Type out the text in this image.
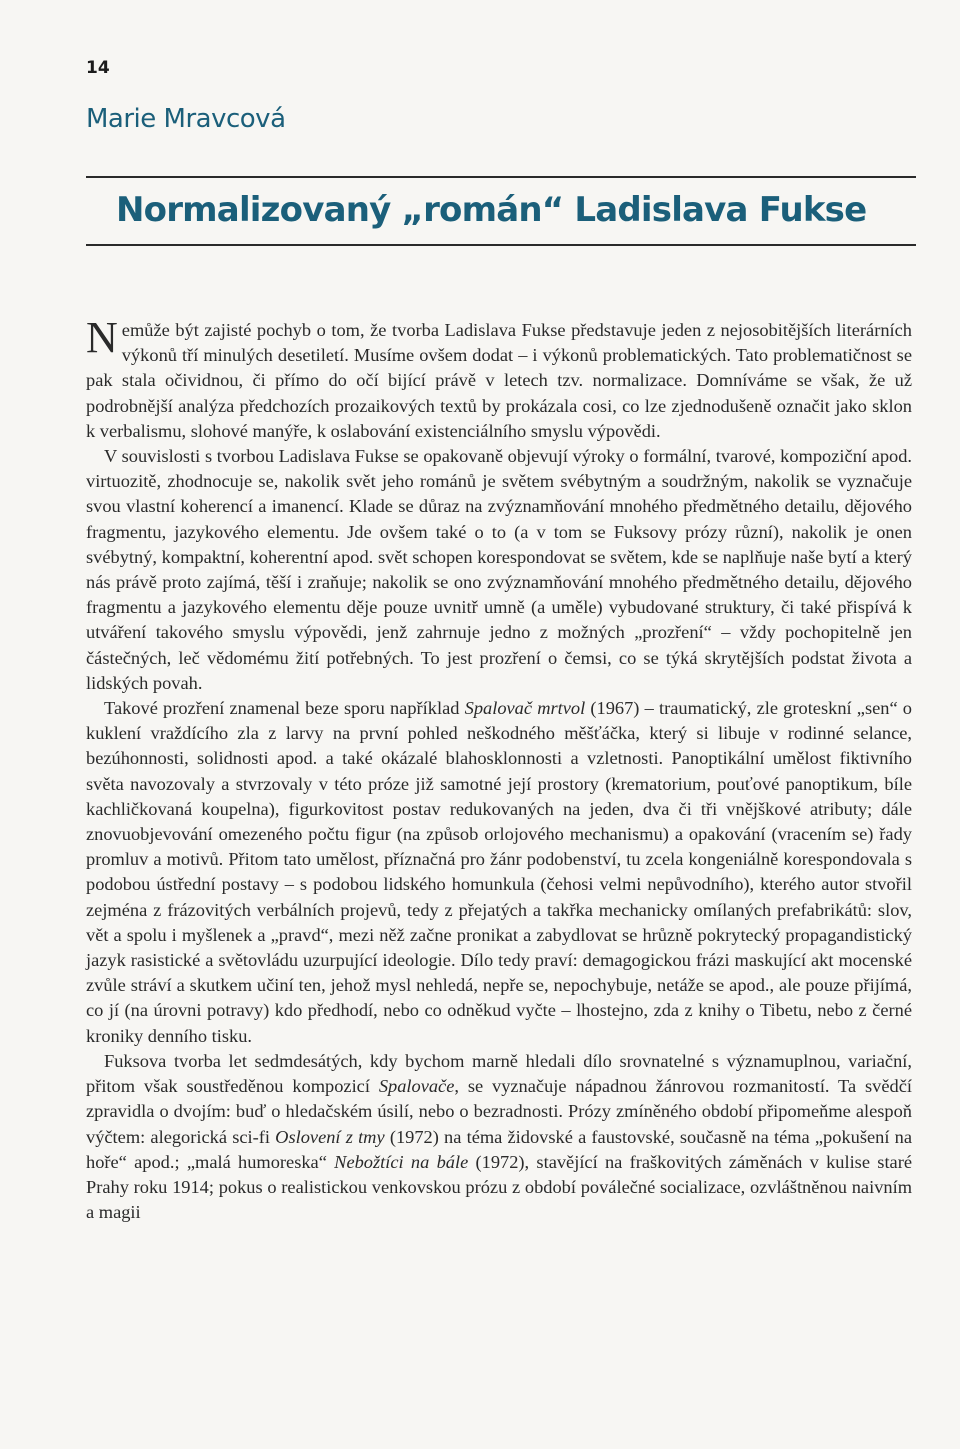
14
Marie Mravcová
Normalizovaný „román“ Ladislava Fukse

Nemůže být zajisté pochyb o tom, že tvorba Ladislava Fukse představuje jeden z nejosobitějších literárních výkonů tří minulých desetiletí. Musíme ovšem dodat – i výkonů problematických. Tato problematičnost se pak stala očividnou, či přímo do očí bijící právě v letech tzv. normalizace. Domníváme se však, že už podrobnější analýza předchozích prozaikových textů by prokázala cosi, co lze zjednodušeně označit jako sklon k verbalismu, slohové manýře, k oslabování existenciálního smyslu výpovědi.

V souvislosti s tvorbou Ladislava Fukse se opakovaně objevují výroky o formální, tvarové, kompoziční apod. virtuozitě, zhodnocuje se, nakolik svět jeho románů je světem svébytným a soudržným, nakolik se vyznačuje svou vlastní koherencí a imanencí. Klade se důraz na zvýznamňování mnohého předmětného detailu, dějového fragmentu, jazykového elementu. Jde ovšem také o to (a v tom se Fuksovy prózy různí), nakolik je onen svébytný, kompaktní, koherentní apod. svět schopen korespondovat se světem, kde se naplňuje naše bytí a který nás právě proto zajímá, těší i zraňuje; nakolik se ono zvýznamňování mnohého předmětného detailu, dějového fragmentu a jazykového elementu děje pouze uvnitř umně (a uměle) vybudované struktury, či také přispívá k utváření takového smyslu výpovědi, jenž zahrnuje jedno z možných „prozření“ – vždy pochopitelně jen částečných, leč vědomému žití potřebných. To jest prozření o čemsi, co se týká skrytějších podstat života a lidských povah.

Takové prozření znamenal beze sporu například Spalovač mrtvol (1967) – traumatický, zle groteskní „sen“ o kuklení vraždícího zla z larvy na první pohled neškodného měšťáčka, který si libuje v rodinné selance, bezúhonnosti, solidnosti apod. a také okázalé blahosklonnosti a vzletnosti. Panoptikální umělost fiktivního světa navozovaly a stvrzovaly v této próze již samotné její prostory (krematorium, pouťové panoptikum, bíle kachličkovaná koupelna), figurkovitost postav redukovaných na jeden, dva či tři vnějškové atributy; dále znovuobjevování omezeného počtu figur (na způsob orlojového mechanismu) a opakování (vracením se) řady promluv a motivů. Přitom tato umělost, příznačná pro žánr podobenství, tu zcela kongeniálně korespondovala s podobou ústřední postavy – s podobou lidského homunkula (čehosi velmi nepůvodního), kterého autor stvořil zejména z frázovitých verbálních projevů, tedy z přejatých a takřka mechanicky omílaných prefabrikátů: slov, vět a spolu i myšlenek a „pravd“, mezi něž začne pronikat a zabydlovat se hrůzně pokrytecký propagandistický jazyk rasistické a světovládu uzurpující ideologie. Dílo tedy praví: demagogickou frázi maskující akt mocenské zvůle stráví a skutkem učiní ten, jehož mysl nehledá, nepře se, nepochybuje, netáže se apod., ale pouze přijímá, co jí (na úrovni potravy) kdo předhodí, nebo co odněkud vyčte – lhostejno, zda z knihy o Tibetu, nebo z černé kroniky denního tisku.

Fuksova tvorba let sedmdesátých, kdy bychom marně hledali dílo srovnatelné s významuplnou, variační, přitom však soustředěnou kompozicí Spalovače, se vyznačuje nápadnou žánrovou rozmanitostí. Ta svědčí zpravidla o dvojím: buď o hledačském úsilí, nebo o bezradnosti. Prózy zmíněného období připomeňme alespoň výčtem: alegorická sci-fi Oslovení z tmy (1972) na téma židovské a faustovské, současně na téma „pokušení na hoře“ apod.; „malá humoreska“ Nebožtíci na bále (1972), stavějící na fraškovitých záměnách v kulise staré Prahy roku 1914; pokus o realistickou venkovskou prózu z období poválečné socializace, ozvláštněnou naivním a magii
